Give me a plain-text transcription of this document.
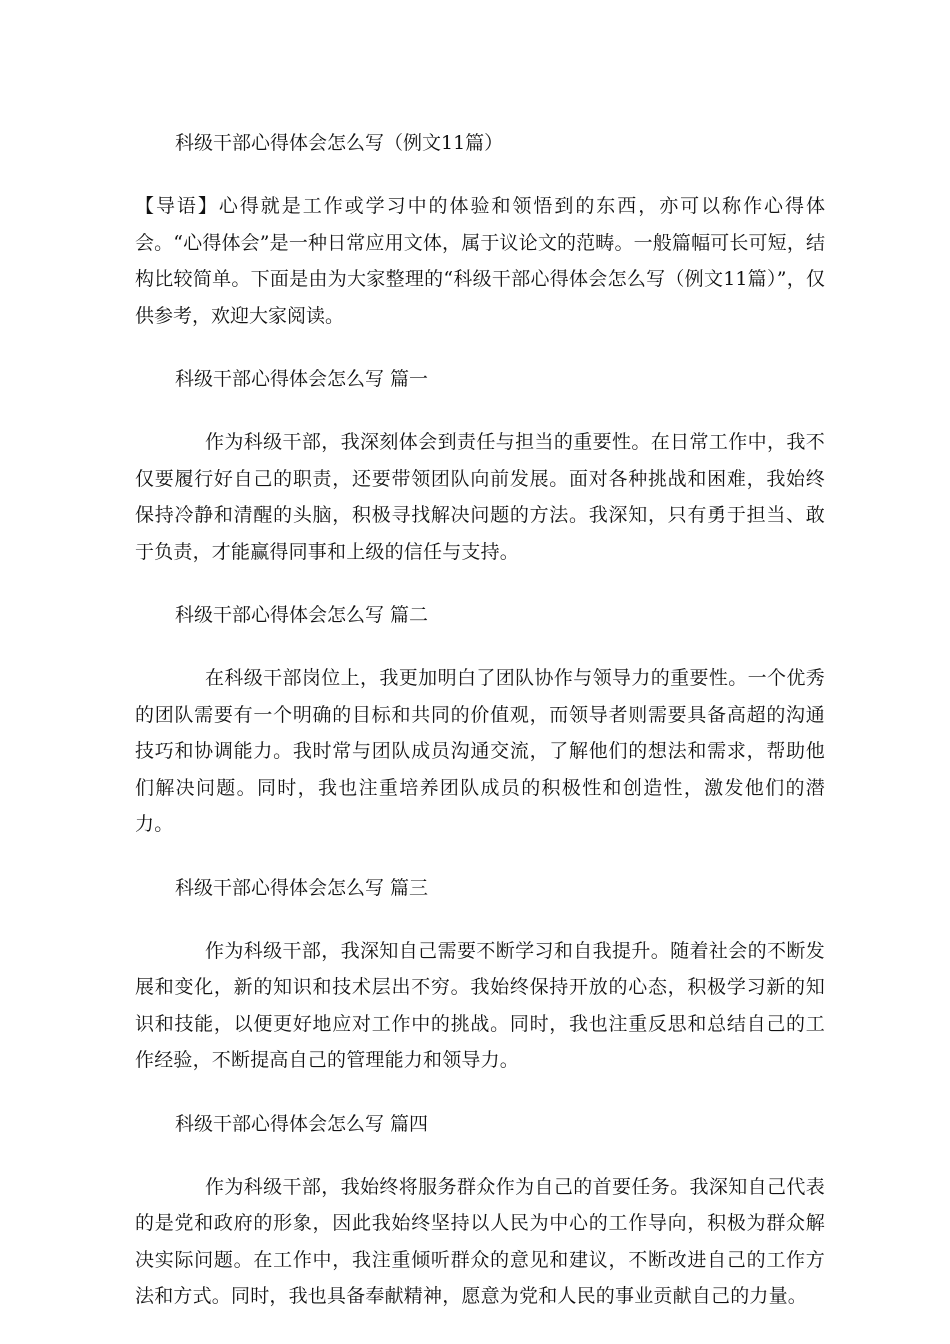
科级干部心得体会怎么写（例文11篇）

【导语】心得就是工作或学习中的体验和领悟到的东西，亦可以称作心得体会。“心得体会”是一种日常应用文体，属于议论文的范畴。一般篇幅可长可短，结构比较简单。下面是由为大家整理的“科级干部心得体会怎么写（例文11篇）”，仅供参考，欢迎大家阅读。

科级干部心得体会怎么写 篇一

作为科级干部，我深刻体会到责任与担当的重要性。在日常工作中，我不仅要履行好自己的职责，还要带领团队向前发展。面对各种挑战和困难，我始终保持冷静和清醒的头脑，积极寻找解决问题的方法。我深知，只有勇于担当、敢于负责，才能赢得同事和上级的信任与支持。

科级干部心得体会怎么写 篇二

在科级干部岗位上，我更加明白了团队协作与领导力的重要性。一个优秀的团队需要有一个明确的目标和共同的价值观，而领导者则需要具备高超的沟通技巧和协调能力。我时常与团队成员沟通交流，了解他们的想法和需求，帮助他们解决问题。同时，我也注重培养团队成员的积极性和创造性，激发他们的潜力。

科级干部心得体会怎么写 篇三

作为科级干部，我深知自己需要不断学习和自我提升。随着社会的不断发展和变化，新的知识和技术层出不穷。我始终保持开放的心态，积极学习新的知识和技能，以便更好地应对工作中的挑战。同时，我也注重反思和总结自己的工作经验，不断提高自己的管理能力和领导力。

科级干部心得体会怎么写 篇四

作为科级干部，我始终将服务群众作为自己的首要任务。我深知自己代表的是党和政府的形象，因此我始终坚持以人民为中心的工作导向，积极为群众解决实际问题。在工作中，我注重倾听群众的意见和建议，不断改进自己的工作方法和方式。同时，我也具备奉献精神，愿意为党和人民的事业贡献自己的力量。
